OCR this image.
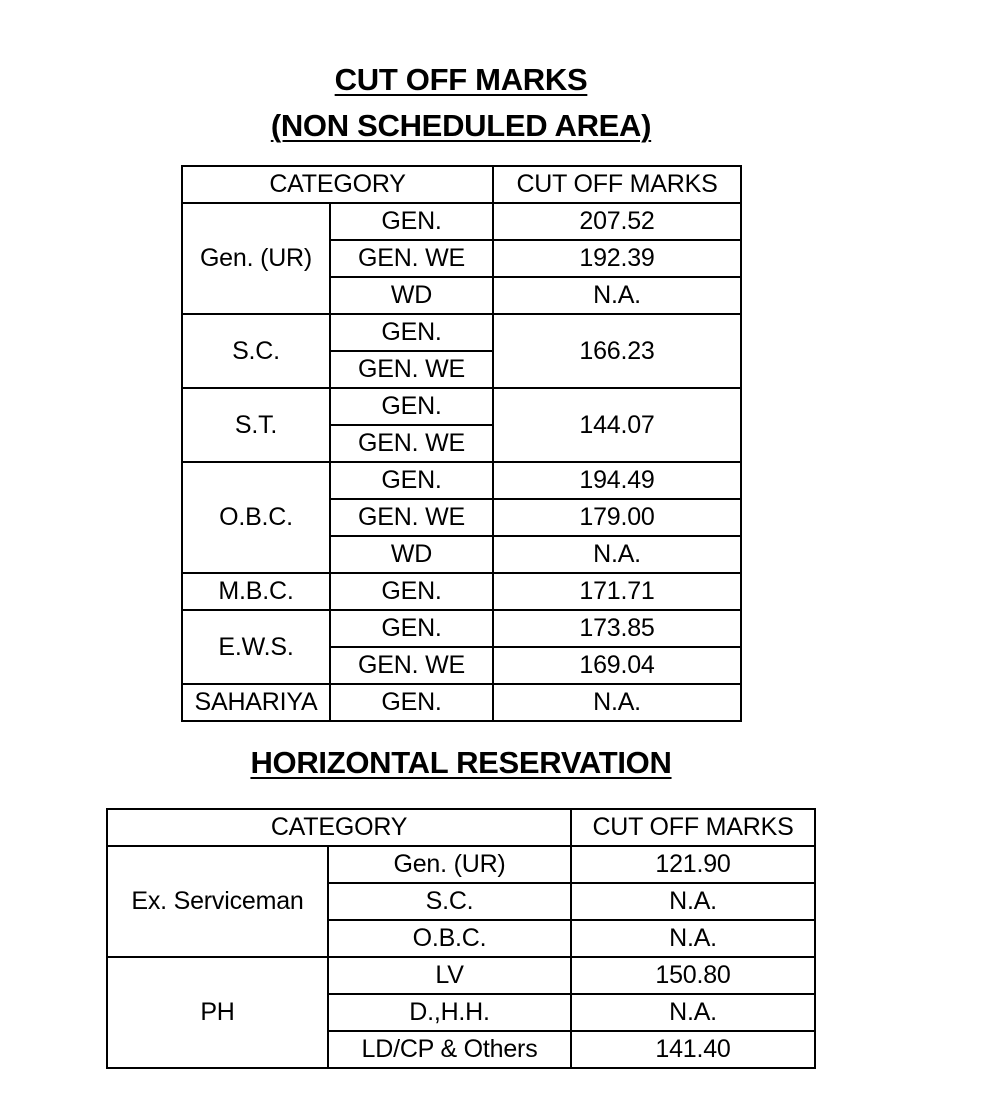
CUT OFF MARKS
(NON SCHEDULED AREA)
CATEGORY		CUT OFF MARKS
Gen. (UR)	GEN.	207.52
	GEN. WE	192.39
	WD	N.A.
S.C.	GEN.	166.23
	GEN. WE	
S.T.	GEN.	144.07
	GEN. WE	
O.B.C.	GEN.	194.49
	GEN. WE	179.00
	WD	N.A.
M.B.C.	GEN.	171.71
E.W.S.	GEN.	173.85
	GEN. WE	169.04
SAHARIYA	GEN.	N.A.
HORIZONTAL RESERVATION
CATEGORY		CUT OFF MARKS
Ex. Serviceman	Gen. (UR)	121.90
	S.C.	N.A.
	O.B.C.	N.A.
PH	LV	150.80
	D.,H.H.	N.A.
	LD/CP & Others	141.40
